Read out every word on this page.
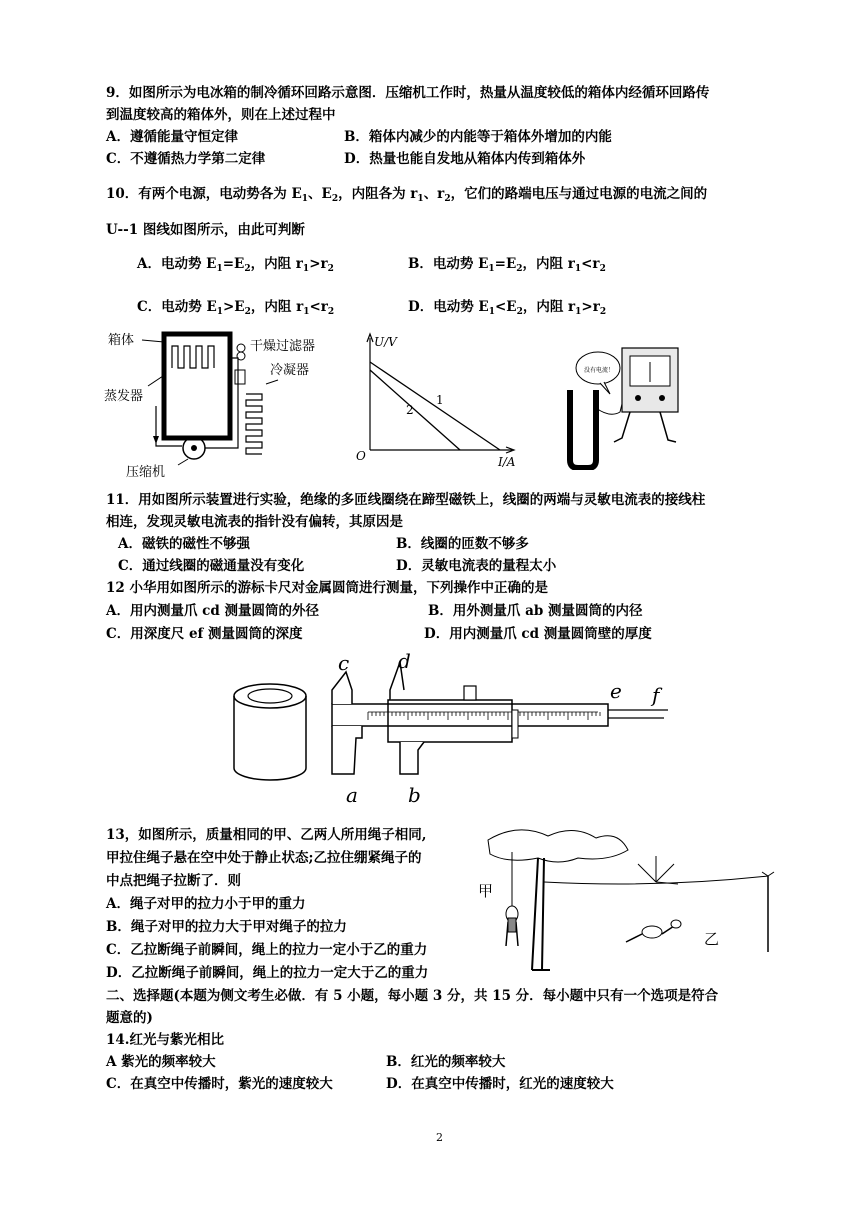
9．如图所示为电冰箱的制冷循环回路示意图．压缩机工作时，热量从温度较低的箱体内经循环回路传
到温度较高的箱体外，则在上述过程中
A．遵循能量守恒定律	B．箱体内减少的内能等于箱体外增加的内能
C．不遵循热力学第二定律	D．热量也能自发地从箱体内传到箱体外
10．有两个电源，电动势各为 $E_1$、$E_2$，内阻各为 $r_1$、$r_2$，它们的路端电压与通过电源的电流之间的
U--1 图线如图所示，由此可判断
A．电动势 $E_1=E_2$，内阻 $r_1>r_2$	B．电动势 $E_1=E_2$，内阻 $r_1<r_2$
C．电动势 $E_1>E_2$，内阻 $r_1<r_2$	D．电动势 $E_1<E_2$，内阻 $r_1>r_2$
箱体	干燥过滤器
冷凝器
蒸发器
压缩机
U/V
I/A
O
1
2
没有电流！
11．用如图所示装置进行实验，绝缘的多匝线圈绕在蹄型磁铁上，线圈的两端与灵敏电流表的接线柱
相连，发现灵敏电流表的指针没有偏转，其原因是
A．磁铁的磁性不够强	B．线圈的匝数不够多
C．通过线圈的磁通量没有变化	D．灵敏电流表的量程太小
12 小华用如图所示的游标卡尺对金属圆筒进行测量，下列操作中正确的是
A．用内测量爪 cd 测量圆筒的外径	B．用外测量爪 ab 测量圆筒的内径
C．用深度尺 ef 测量圆筒的深度	D．用内测量爪 cd 测量圆筒壁的厚度
c d
e f
a	b
13，如图所示，质量相同的甲、乙两人所用绳子相同,
甲拉住绳子悬在空中处于静止状态;乙拉住绷紧绳子的
中点把绳子拉断了．则
A．绳子对甲的拉力小于甲的重力
B．绳子对甲的拉力大于甲对绳子的拉力
C．乙拉断绳子前瞬间，绳上的拉力一定小于乙的重力
D．乙拉断绳子前瞬间，绳上的拉力一定大于乙的重力
甲
乙
二、选择题(本题为侧文考生必做．有 5 小题，每小题 3 分，共 15 分．每小题中只有一个选项是符合
题意的)
14.红光与紫光相比
A 紫光的频率较大	B．红光的频率较大
C．在真空中传播时，紫光的速度较大	D．在真空中传播时，红光的速度较大
2
